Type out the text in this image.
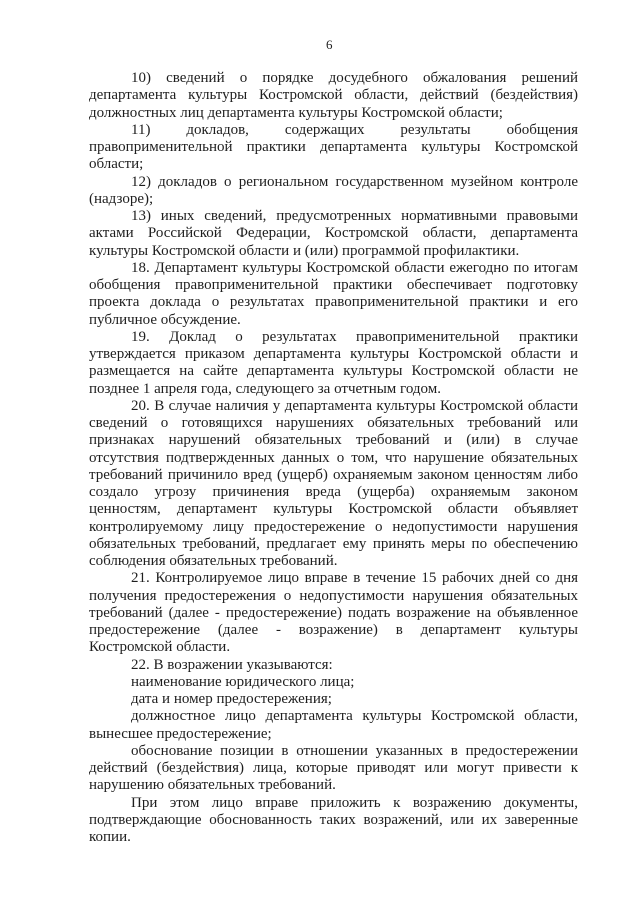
6
10) сведений о порядке досудебного обжалования решений
департамента культуры Костромской области, действий (бездействия)
должностных лиц департамента культуры Костромской области;
11) докладов, содержащих результаты обобщения
правоприменительной практики департамента культуры Костромской
области;
12) докладов о региональном государственном музейном контроле
(надзоре);
13) иных сведений, предусмотренных нормативными правовыми
актами Российской Федерации, Костромской области, департамента
культуры Костромской области и (или) программой профилактики.
18. Департамент культуры Костромской области ежегодно по итогам
обобщения правоприменительной практики обеспечивает подготовку
проекта доклада о результатах правоприменительной практики и его
публичное обсуждение.
19. Доклад о результатах правоприменительной практики
утверждается приказом департамента культуры Костромской области и
размещается на сайте департамента культуры Костромской области не
позднее 1 апреля года, следующего за отчетным годом.
20. В случае наличия у департамента культуры Костромской области
сведений о готовящихся нарушениях обязательных требований или
признаках нарушений обязательных требований и (или) в случае
отсутствия подтвержденных данных о том, что нарушение обязательных
требований причинило вред (ущерб) охраняемым законом ценностям либо
создало угрозу причинения вреда (ущерба) охраняемым законом
ценностям, департамент культуры Костромской области объявляет
контролируемому лицу предостережение о недопустимости нарушения
обязательных требований, предлагает ему принять меры по обеспечению
соблюдения обязательных требований.
21. Контролируемое лицо вправе в течение 15 рабочих дней со дня
получения предостережения о недопустимости нарушения обязательных
требований (далее - предостережение) подать возражение на объявленное
предостережение (далее - возражение) в департамент культуры
Костромской области.
22. В возражении указываются:
наименование юридического лица;
дата и номер предостережения;
должностное лицо департамента культуры Костромской области,
вынесшее предостережение;
обоснование позиции в отношении указанных в предостережении
действий (бездействия) лица, которые приводят или могут привести к
нарушению обязательных требований.
При этом лицо вправе приложить к возражению документы,
подтверждающие обоснованность таких возражений, или их заверенные
копии.
